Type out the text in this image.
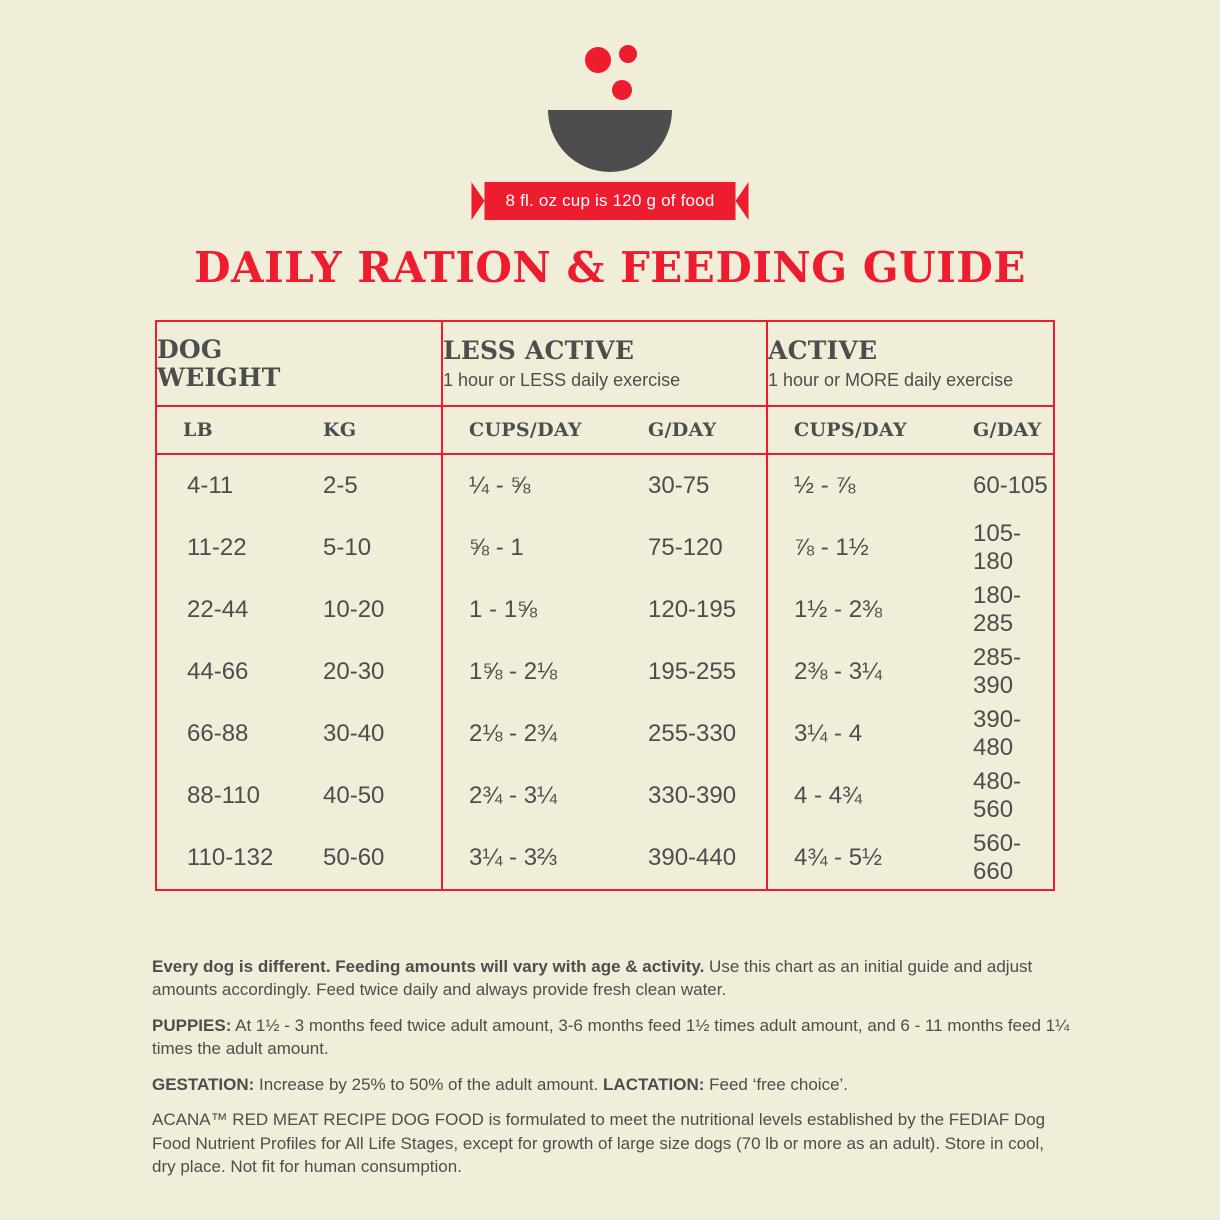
8 fl. oz cup is 120 g of food
DAILY RATION & FEEDING GUIDE
DOG
WEIGHT

LESS ACTIVE
1 hour or LESS daily exercise

ACTIVE
1 hour or MORE daily exercise

LB	KG	CUPS/DAY	G/DAY	CUPS/DAY	G/DAY
4-11	2-5	¼ - ⅝	30-75	½ - ⅞	60-105
11-22	5-10	⅝ - 1	75-120	⅞ - 1½	105-180
22-44	10-20	1 - 1⅝	120-195	1½ - 2⅜	180-285
44-66	20-30	1⅝ - 2⅛	195-255	2⅜ - 3¼	285-390
66-88	30-40	2⅛ - 2¾	255-330	3¼ - 4	390-480
88-110	40-50	2¾ - 3¼	330-390	4 - 4¾	480-560
110-132	50-60	3¼ - 3⅔	390-440	4¾ - 5½	560-660

Every dog is different. Feeding amounts will vary with age & activity. Use this chart as an initial guide and adjust amounts accordingly. Feed twice daily and always provide fresh clean water.

PUPPIES: At 1½ - 3 months feed twice adult amount, 3-6 months feed 1½ times adult amount, and 6 - 11 months feed 1¼ times the adult amount.

GESTATION: Increase by 25% to 50% of the adult amount. LACTATION: Feed ‘free choice’.

ACANA™ RED MEAT RECIPE DOG FOOD is formulated to meet the nutritional levels established by the FEDIAF Dog Food Nutrient Profiles for All Life Stages, except for growth of large size dogs (70 lb or more as an adult). Store in cool, dry place. Not fit for human consumption.
